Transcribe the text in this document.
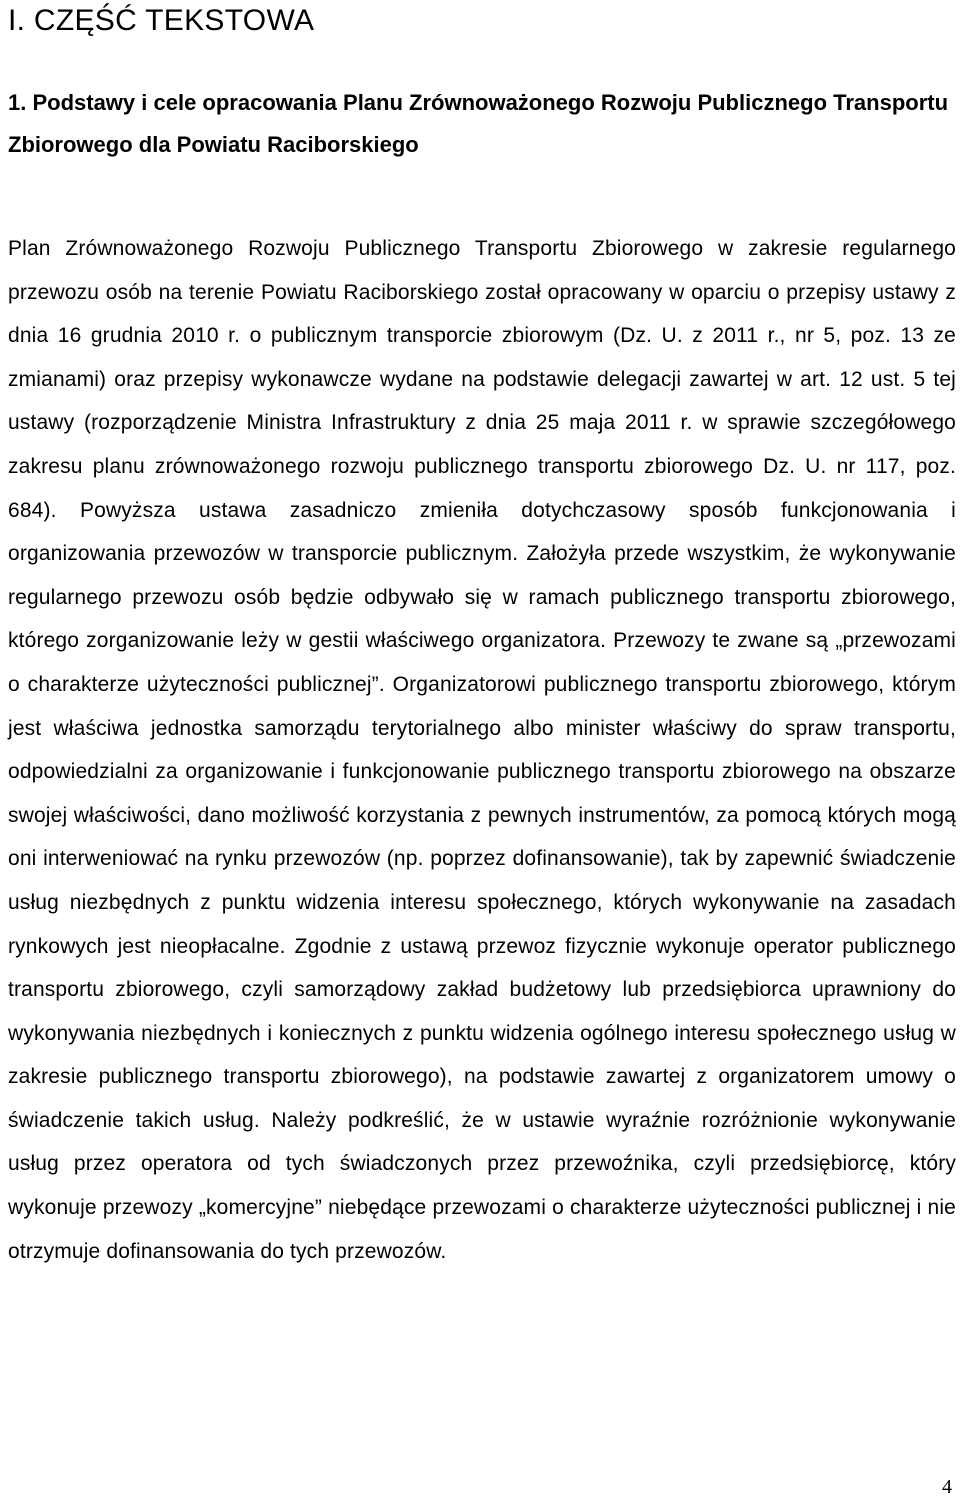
I. CZĘŚĆ TEKSTOWA
1. Podstawy i cele opracowania Planu Zrównoważonego Rozwoju Publicznego Transportu Zbiorowego dla Powiatu Raciborskiego

Plan Zrównoważonego Rozwoju Publicznego Transportu Zbiorowego w zakresie regularnego przewozu osób na terenie Powiatu Raciborskiego został opracowany w oparciu o przepisy ustawy z dnia 16 grudnia 2010 r. o publicznym transporcie zbiorowym (Dz. U. z 2011 r., nr 5, poz. 13 ze zmianami) oraz przepisy wykonawcze wydane na podstawie delegacji zawartej w art. 12 ust. 5 tej ustawy (rozporządzenie Ministra Infrastruktury z dnia 25 maja 2011 r. w sprawie szczegółowego zakresu planu zrównoważonego rozwoju publicznego transportu zbiorowego Dz. U. nr 117, poz. 684). Powyższa ustawa zasadniczo zmieniła dotychczasowy sposób funkcjonowania i organizowania przewozów w transporcie publicznym. Założyła przede wszystkim, że wykonywanie regularnego przewozu osób będzie odbywało się w ramach publicznego transportu zbiorowego, którego zorganizowanie leży w gestii właściwego organizatora. Przewozy te zwane są „przewozami o charakterze użyteczności publicznej”. Organizatorowi publicznego transportu zbiorowego, którym jest właściwa jednostka samorządu terytorialnego albo minister właściwy do spraw transportu, odpowiedzialni za organizowanie i funkcjonowanie publicznego transportu zbiorowego na obszarze swojej właściwości, dano możliwość korzystania z pewnych instrumentów, za pomocą których mogą oni interweniować na rynku przewozów (np. poprzez dofinansowanie), tak by zapewnić świadczenie usług niezbędnych z punktu widzenia interesu społecznego, których wykonywanie na zasadach rynkowych jest nieopłacalne. Zgodnie z ustawą przewoz fizycznie wykonuje operator publicznego transportu zbiorowego, czyli samorządowy zakład budżetowy lub przedsiębiorca uprawniony do wykonywania niezbędnych i koniecznych z punktu widzenia ogólnego interesu społecznego usług w zakresie publicznego transportu zbiorowego), na podstawie zawartej z organizatorem umowy o świadczenie takich usług. Należy podkreślić, że w ustawie wyraźnie rozróżnionie wykonywanie usług przez operatora od tych świadczonych przez przewoźnika, czyli przedsiębiorcę, który wykonuje przewozy „komercyjne” niebędące przewozami o charakterze użyteczności publicznej i nie otrzymuje dofinansowania do tych przewozów.

4
